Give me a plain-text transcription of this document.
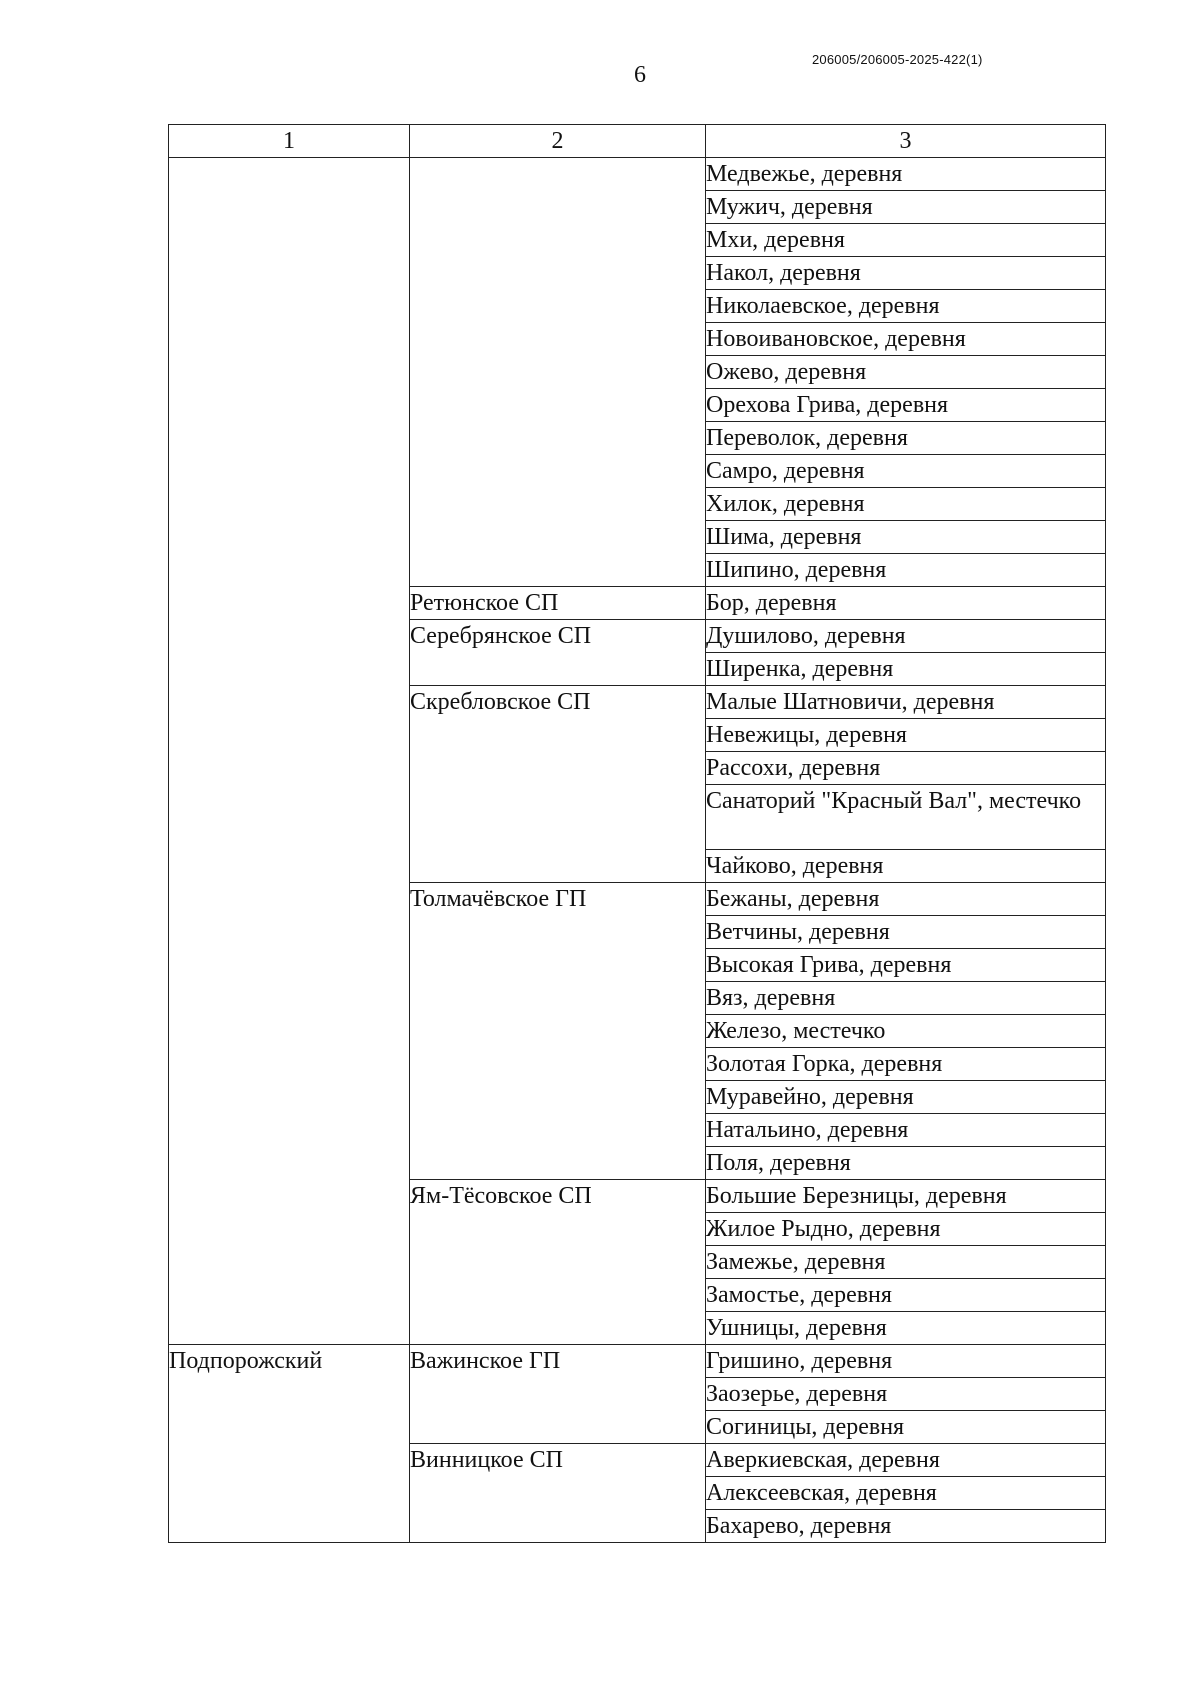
6
206005/206005-2025-422(1)
1	2	3
		Медвежье, деревня
		Мужич, деревня
		Мхи, деревня
		Накол, деревня
		Николаевское, деревня
		Новоивановское, деревня
		Ожево, деревня
		Орехова Грива, деревня
		Переволок, деревня
		Самро, деревня
		Хилок, деревня
		Шима, деревня
		Шипино, деревня
	Ретюнское СП	Бор, деревня
	Серебрянское СП	Душилово, деревня
		Ширенка, деревня
	Скребловское СП	Малые Шатновичи, деревня
		Невежицы, деревня
		Рассохи, деревня
		Санаторий "Красный Вал", местечко
		Чайково, деревня
	Толмачёвское ГП	Бежаны, деревня
		Ветчины, деревня
		Высокая Грива, деревня
		Вяз, деревня
		Железо, местечко
		Золотая Горка, деревня
		Муравейно, деревня
		Натальино, деревня
		Поля, деревня
	Ям-Тёсовское СП	Большие Березницы, деревня
		Жилое Рыдно, деревня
		Замежье, деревня
		Замостье, деревня
		Ушницы, деревня
Подпорожский	Важинское ГП	Гришино, деревня
		Заозерье, деревня
		Согиницы, деревня
	Винницкое СП	Аверкиевская, деревня
		Алексеевская, деревня
		Бахарево, деревня
